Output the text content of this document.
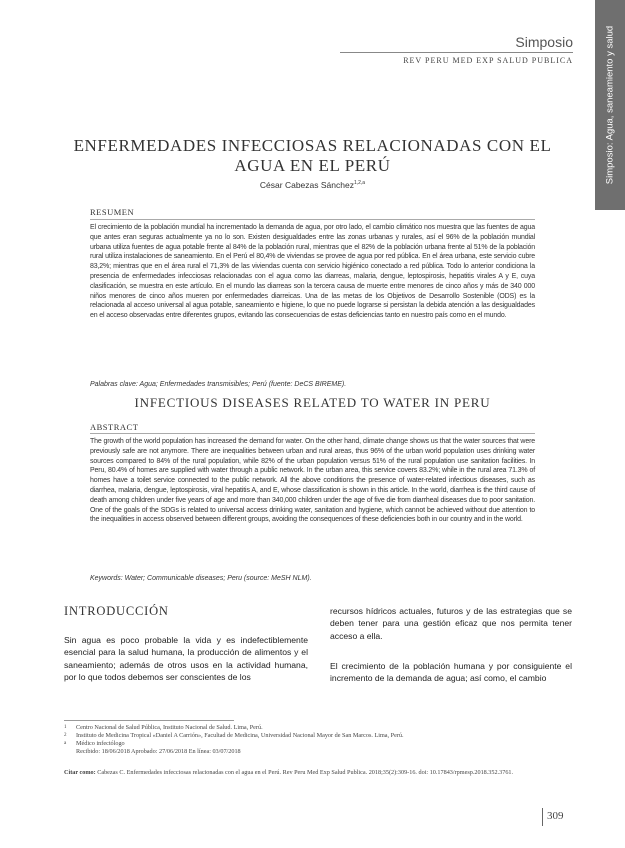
Simposio: Agua, saneamiento y salud
Simposio
REV PERU MED EXP SALUD PUBLICA
ENFERMEDADES INFECCIOSAS RELACIONADAS CON EL AGUA EN EL PERÚ
César Cabezas Sánchez$^{1,2,a}$
RESUMEN
El crecimiento de la población mundial ha incrementado la demanda de agua, por otro lado, el cambio climático nos muestra que las fuentes de agua que antes eran seguras actualmente ya no lo son. Existen desigualdades entre las zonas urbanas y rurales, así el 96% de la población mundial urbana utiliza fuentes de agua potable frente al 84% de la población rural, mientras que el 82% de la población urbana frente al 51% de la población rural utiliza instalaciones de saneamiento. En el Perú el 80,4% de viviendas se provee de agua por red pública. En el área urbana, este servicio cubre 83,2%; mientras que en el área rural el 71,3% de las viviendas cuenta con servicio higiénico conectado a red pública. Todo lo anterior condiciona la presencia de enfermedades infecciosas relacionadas con el agua como las diarreas, malaria, dengue, leptospirosis, hepatitis virales A y E, cuya clasificación, se muestra en este artículo. En el mundo las diarreas son la tercera causa de muerte entre menores de cinco años y más de 340 000 niños menores de cinco años mueren por enfermedades diarreicas. Una de las metas de los Objetivos de Desarrollo Sostenible (ODS) es la relacionada al acceso universal al agua potable, saneamiento e higiene, lo que no puede lograrse si persistan la debida atención a las desigualdades en el acceso observadas entre diferentes grupos, evitando las consecuencias de estas deficiencias tanto en nuestro país como en el mundo.
Palabras clave: Agua; Enfermedades transmisibles; Perú (fuente: DeCS BIREME).
INFECTIOUS DISEASES RELATED TO WATER IN PERU
ABSTRACT
The growth of the world population has increased the demand for water. On the other hand, climate change shows us that the water sources that were previously safe are not anymore. There are inequalities between urban and rural areas, thus 96% of the urban world population uses drinking water sources compared to 84% of the rural population, while 82% of the urban population versus 51% of the rural population use sanitation facilities. In Peru, 80.4% of homes are supplied with water through a public network. In the urban area, this service covers 83.2%; while in the rural area 71.3% of homes have a toilet service connected to the public network. All the above conditions the presence of water-related infectious diseases, such as diarrhea, malaria, dengue, leptospirosis, viral hepatitis A, and E, whose classification is shown in this article. In the world, diarrhea is the third cause of death among children under five years of age and more than 340,000 children under the age of five die from diarrheal diseases due to poor sanitation. One of the goals of the SDGs is related to universal access drinking water, sanitation and hygiene, which cannot be achieved without due attention to the inequalities in access observed between different groups, avoiding the consequences of these deficiencies both in our country and in the world.
Keywords: Water; Communicable diseases; Peru (source: MeSH NLM).
INTRODUCCIÓN
Sin agua es poco probable la vida y es indefectiblemente esencial para la salud humana, la producción de alimentos y el saneamiento; además de otros usos en la actividad humana, por lo que todos debemos ser conscientes de los
recursos hídricos actuales, futuros y de las estrategias que se deben tener para una gestión eficaz que nos permita tener acceso a ella.
El crecimiento de la población humana y por consiguiente el incremento de la demanda de agua; así como, el cambio
1 Centro Nacional de Salud Pública, Instituto Nacional de Salud. Lima, Perú.
2 Instituto de Medicina Tropical «Daniel A Carrión», Facultad de Medicina, Universidad Nacional Mayor de San Marcos. Lima, Perú.
a Médico infectólogo
Recibido: 18/06/2018 Aprobado: 27/06/2018 En línea: 03/07/2018
Citar como: Cabezas C. Enfermedades infecciosas relacionadas con el agua en el Perú. Rev Peru Med Exp Salud Publica. 2018;35(2):309-16. doi: 10.17843/rpmesp.2018.352.3761.
309
